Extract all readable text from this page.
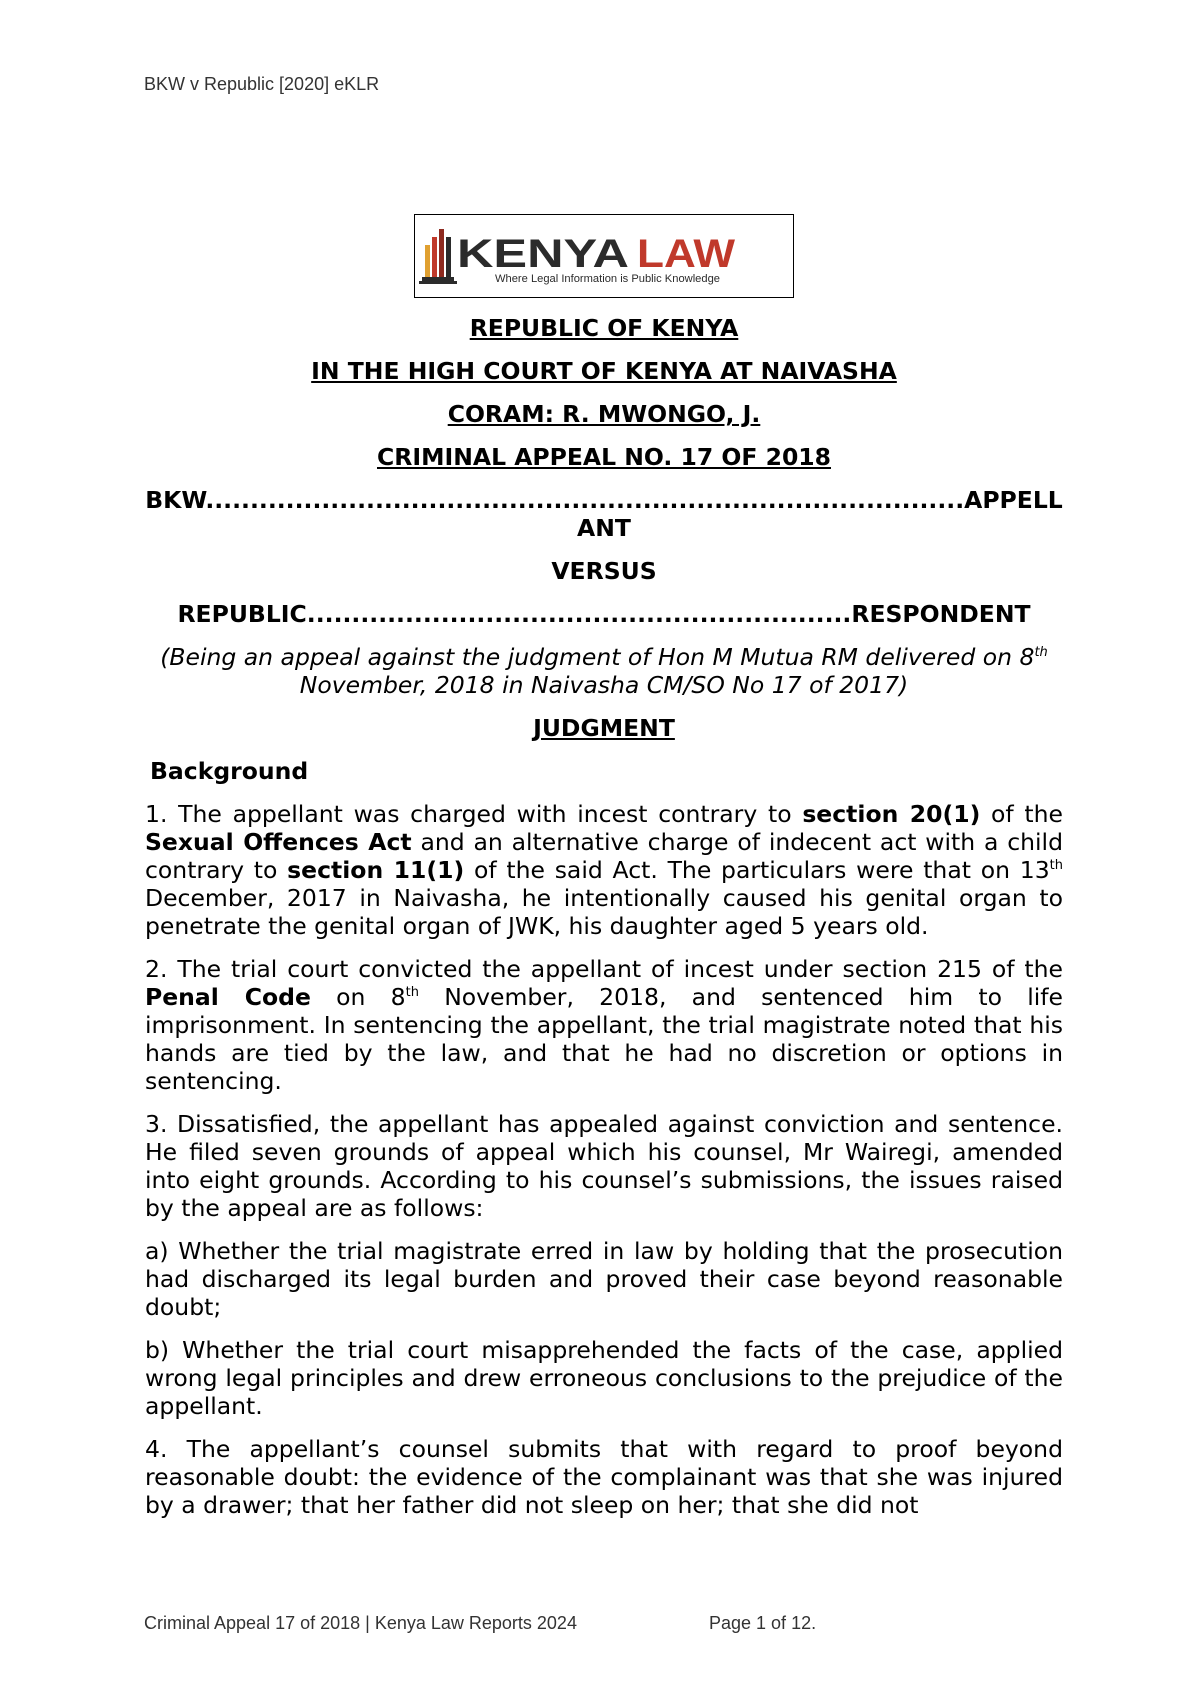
BKW v Republic [2020] eKLR
KENYA LAW
Where Legal Information is Public Knowledge
REPUBLIC OF KENYA
IN THE HIGH COURT OF KENYA AT NAIVASHA
CORAM: R. MWONGO, J.
CRIMINAL APPEAL NO. 17 OF 2018
BKW.....................................................................................APPELLANT
VERSUS
REPUBLIC.............................................................RESPONDENT
(Being an appeal against the judgment of Hon M Mutua RM delivered on 8th November, 2018 in Naivasha CM/SO No 17 of 2017)
JUDGMENT
Background

1. The appellant was charged with incest contrary to section 20(1) of the Sexual Offences Act and an alternative charge of indecent act with a child contrary to section 11(1) of the said Act. The particulars were that on 13th December, 2017 in Naivasha, he intentionally caused his genital organ to penetrate the genital organ of JWK, his daughter aged 5 years old.

2. The trial court convicted the appellant of incest under section 215 of the Penal Code on 8th November, 2018, and sentenced him to life imprisonment. In sentencing the appellant, the trial magistrate noted that his hands are tied by the law, and that he had no discretion or options in sentencing.

3. Dissatisfied, the appellant has appealed against conviction and sentence. He filed seven grounds of appeal which his counsel, Mr Wairegi, amended into eight grounds. According to his counsel’s submissions, the issues raised by the appeal are as follows:

a) Whether the trial magistrate erred in law by holding that the prosecution had discharged its legal burden and proved their case beyond reasonable doubt;

b) Whether the trial court misapprehended the facts of the case, applied wrong legal principles and drew erroneous conclusions to the prejudice of the appellant.

4. The appellant’s counsel submits that with regard to proof beyond reasonable doubt: the evidence of the complainant was that she was injured by a drawer; that her father did not sleep on her; that she did not

Criminal Appeal 17 of 2018 | Kenya Law Reports 2024	Page 1 of 12.
